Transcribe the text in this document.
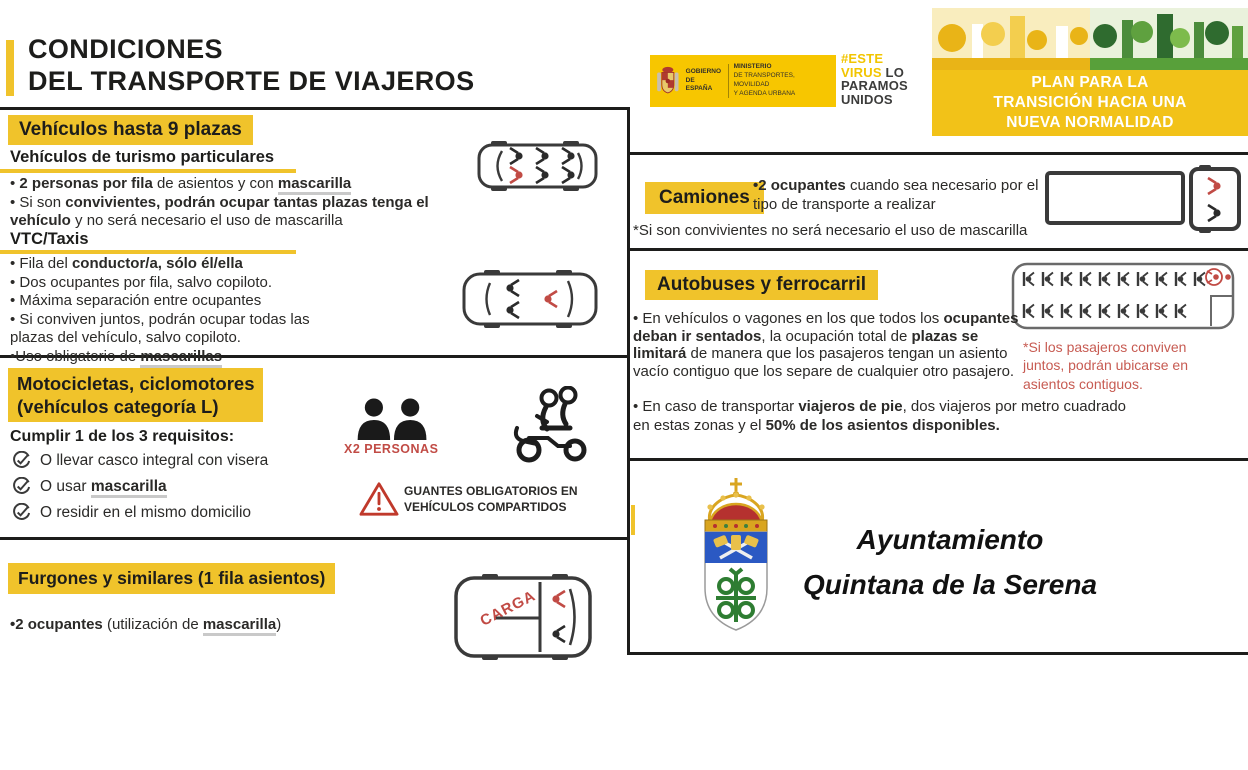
CONDICIONES
DEL TRANSPORTE DE VIAJEROS	GOBIERNO
DE ESPAÑA
MINISTERIO
DE TRANSPORTES, MOVILIDAD
Y AGENDA URBANA
#ESTE VIRUS LO PARAMOS UNIDOS
PLAN PARA LA
TRANSICIÓN HACIA UNA
NUEVA NORMALIDAD
Vehículos hasta 9 plazas
Vehículos de turismo particulares
• 2 personas por fila de asientos y con mascarilla
• Si son convivientes, podrán ocupar tantas plazas tenga el vehículo y no será necesario el uso de mascarilla
VTC/Taxis
• Fila del conductor/a, sólo él/ella
• Dos ocupantes por fila, salvo copiloto.
• Máxima separación entre ocupantes
• Si conviven juntos, podrán ocupar todas las plazas del vehículo, salvo copiloto.
•Uso obligatorio de mascarillas
Motocicletas, ciclomotores
(vehículos categoría L)
Cumplir 1 de los 3 requisitos:
O llevar casco integral con visera
O usar mascarilla
O residir en el mismo domicilio
X2 PERSONAS
GUANTES OBLIGATORIOS EN
VEHÍCULOS COMPARTIDOS
Furgones y similares (1 fila asientos)
•2 ocupantes (utilización de mascarilla)	CARGA
Camiones
•2 ocupantes cuando sea necesario por el tipo de transporte a realizar
*Si son convivientes no será necesario el uso de mascarilla
Autobuses y ferrocarril
• En vehículos o vagones en los que todos los ocupantes deban ir sentados, la ocupación total de plazas se limitará de manera que los pasajeros tengan un asiento vacío contiguo que los separe de cualquier otro pasajero.
• En caso de transportar viajeros de pie, dos viajeros por metro cuadrado en estas zonas y el 50% de los asientos disponibles.
*Si los pasajeros conviven juntos, podrán ubicarse en asientos contiguos.
Ayuntamiento
Quintana de la Serena
